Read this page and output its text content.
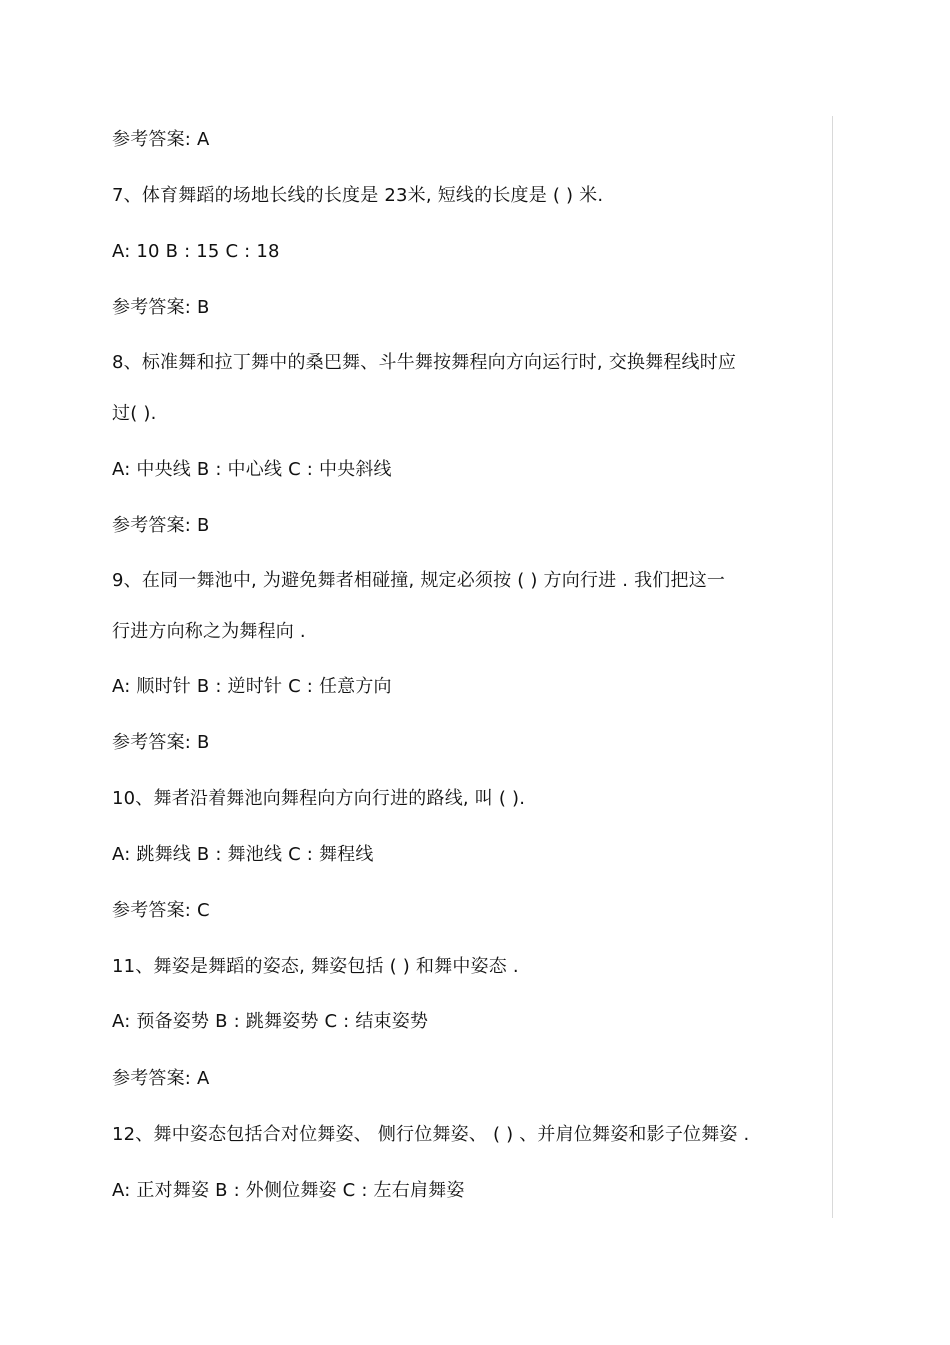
参考答案: A
7、体育舞蹈的场地长线的长度是 23米, 短线的长度是 ( ) 米.
A: 10 B : 15 C : 18
参考答案: B
8、标准舞和拉丁舞中的桑巴舞、斗牛舞按舞程向方向运行时, 交换舞程线时应
过( ).
A: 中央线 B : 中心线 C : 中央斜线
参考答案: B
9、在同一舞池中, 为避免舞者相碰撞, 规定必须按 ( ) 方向行进 . 我们把这一
行进方向称之为舞程向 .
A: 顺时针 B : 逆时针 C : 任意方向
参考答案: B
10、舞者沿着舞池向舞程向方向行进的路线, 叫 ( ).
A: 跳舞线 B : 舞池线 C : 舞程线
参考答案: C
11、舞姿是舞蹈的姿态, 舞姿包括 ( ) 和舞中姿态 .
A: 预备姿势 B : 跳舞姿势 C : 结束姿势
参考答案: A
12、舞中姿态包括合对位舞姿、 侧行位舞姿、 ( ) 、并肩位舞姿和影子位舞姿 .
A: 正对舞姿 B : 外侧位舞姿 C : 左右肩舞姿
